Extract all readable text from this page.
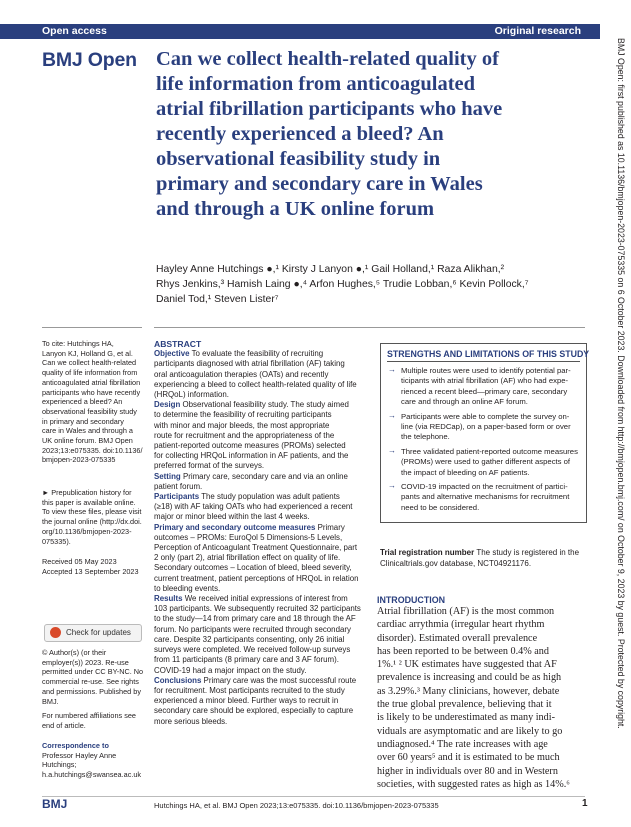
Open access	Original research
BMJ Open Can we collect health-related quality of
life information from anticoagulated
atrial fibrillation participants who have
recently experienced a bleed? An
observational feasibility study in
primary and secondary care in Wales
and through a UK online forum
Hayley Anne Hutchings ●,¹ Kirsty J Lanyon ●,¹ Gail Holland,¹ Raza Alikhan,²
Rhys Jenkins,³ Hamish Laing ●,⁴ Arfon Hughes,⁵ Trudie Lobban,⁶ Kevin Pollock,⁷
Daniel Tod,¹ Steven Lister⁷
To cite: Hutchings HA,
Lanyon KJ, Holland G, et al.
Can we collect health-related
quality of life information from
anticoagulated atrial fibrillation
participants who have recently
experienced a bleed? An
observational feasibility study
in primary and secondary
care in Wales and through a
UK online forum. BMJ Open
2023;13:e075335. doi:10.1136/
bmjopen-2023-075335
► Prepublication history for
this paper is available online.
To view these files, please visit
the journal online (http://dx.doi.
org/10.1136/bmjopen-2023-
075335).
Received 05 May 2023
Accepted 13 September 2023
Check for updates
© Author(s) (or their
employer(s)) 2023. Re-use
permitted under CC BY-NC. No
commercial re-use. See rights
and permissions. Published by
BMJ.
For numbered affiliations see
end of article.
Correspondence to
Professor Hayley Anne
Hutchings;
h.a.hutchings@swansea.ac.uk
ABSTRACT
Objective To evaluate the feasibility of recruiting
participants diagnosed with atrial fibrillation (AF) taking
oral anticoagulation therapies (OATs) and recently
experiencing a bleed to collect health-related quality of life
(HRQoL) information.
Design Observational feasibility study. The study aimed
to determine the feasibility of recruiting participants
with minor and major bleeds, the most appropriate
route for recruitment and the appropriateness of the
patient-reported outcome measures (PROMs) selected
for collecting HRQoL information in AF patients, and the
preferred format of the surveys.
Setting Primary care, secondary care and via an online
patient forum.
Participants The study population was adult patients
(≥18) with AF taking OATs who had experienced a recent
major or minor bleed within the last 4 weeks.
Primary and secondary outcome measures Primary
outcomes – PROMs: EuroQol 5 Dimensions-5 Levels,
Perception of Anticoagulant Treatment Questionnaire, part
2 only (part 2), atrial fibrillation effect on quality of life.
Secondary outcomes – Location of bleed, bleed severity,
current treatment, patient perceptions of HRQoL in relation
to bleeding events.
Results We received initial expressions of interest from
103 participants. We subsequently recruited 32 participants
to the study—14 from primary care and 18 through the AF
forum. No participants were recruited through secondary
care. Despite 32 participants consenting, only 26 initial
surveys were completed. We received follow-up surveys
from 11 participants (8 primary care and 3 AF forum).
COVID-19 had a major impact on the study.
Conclusions Primary care was the most successful route
for recruitment. Most participants recruited to the study
experienced a minor bleed. Further ways to recruit in
secondary care should be explored, especially to capture
more serious bleeds.
STRENGTHS AND LIMITATIONS OF THIS STUDY
→ Multiple routes were used to identify potential par-
ticipants with atrial fibrillation (AF) who had expe-
rienced a recent bleed—primary care, secondary
care and through an online AF forum.
→ Participants were able to complete the survey on-
line (via REDCap), on a paper-based form or over
the telephone.
→ Three validated patient-reported outcome measures
(PROMs) were used to gather different aspects of
the impact of bleeding on AF patients.
→ COVID-19 impacted on the recruitment of partici-
pants and alternative mechanisms for recruitment
need to be considered.
Trial registration number The study is registered in the
Clinicaltrials.gov database, NCT04921176.
INTRODUCTION
Atrial fibrillation (AF) is the most common
cardiac arrythmia (irregular heart rhythm
disorder). Estimated overall prevalence
has been reported to be between 0.4% and
1%.¹ ² UK estimates have suggested that AF
prevalence is increasing and could be as high
as 3.29%.³ Many clinicians, however, debate
the true global prevalence, believing that it
is likely to be underestimated as many indi-
viduals are asymptomatic and are likely to go
undiagnosed.⁴ The rate increases with age
over 60 years⁵ and it is estimated to be much
higher in individuals over 80 and in Western
societies, with suggested rates as high as 14%.⁶
BMJ Open: first published as 10.1136/bmjopen-2023-075335 on 6 October 2023. Downloaded from http://bmjopen.bmj.com/ on October 9, 2023 by guest. Protected by copyright.
BMJ	Hutchings HA, et al. BMJ Open 2023;13:e075335. doi:10.1136/bmjopen-2023-075335	1
